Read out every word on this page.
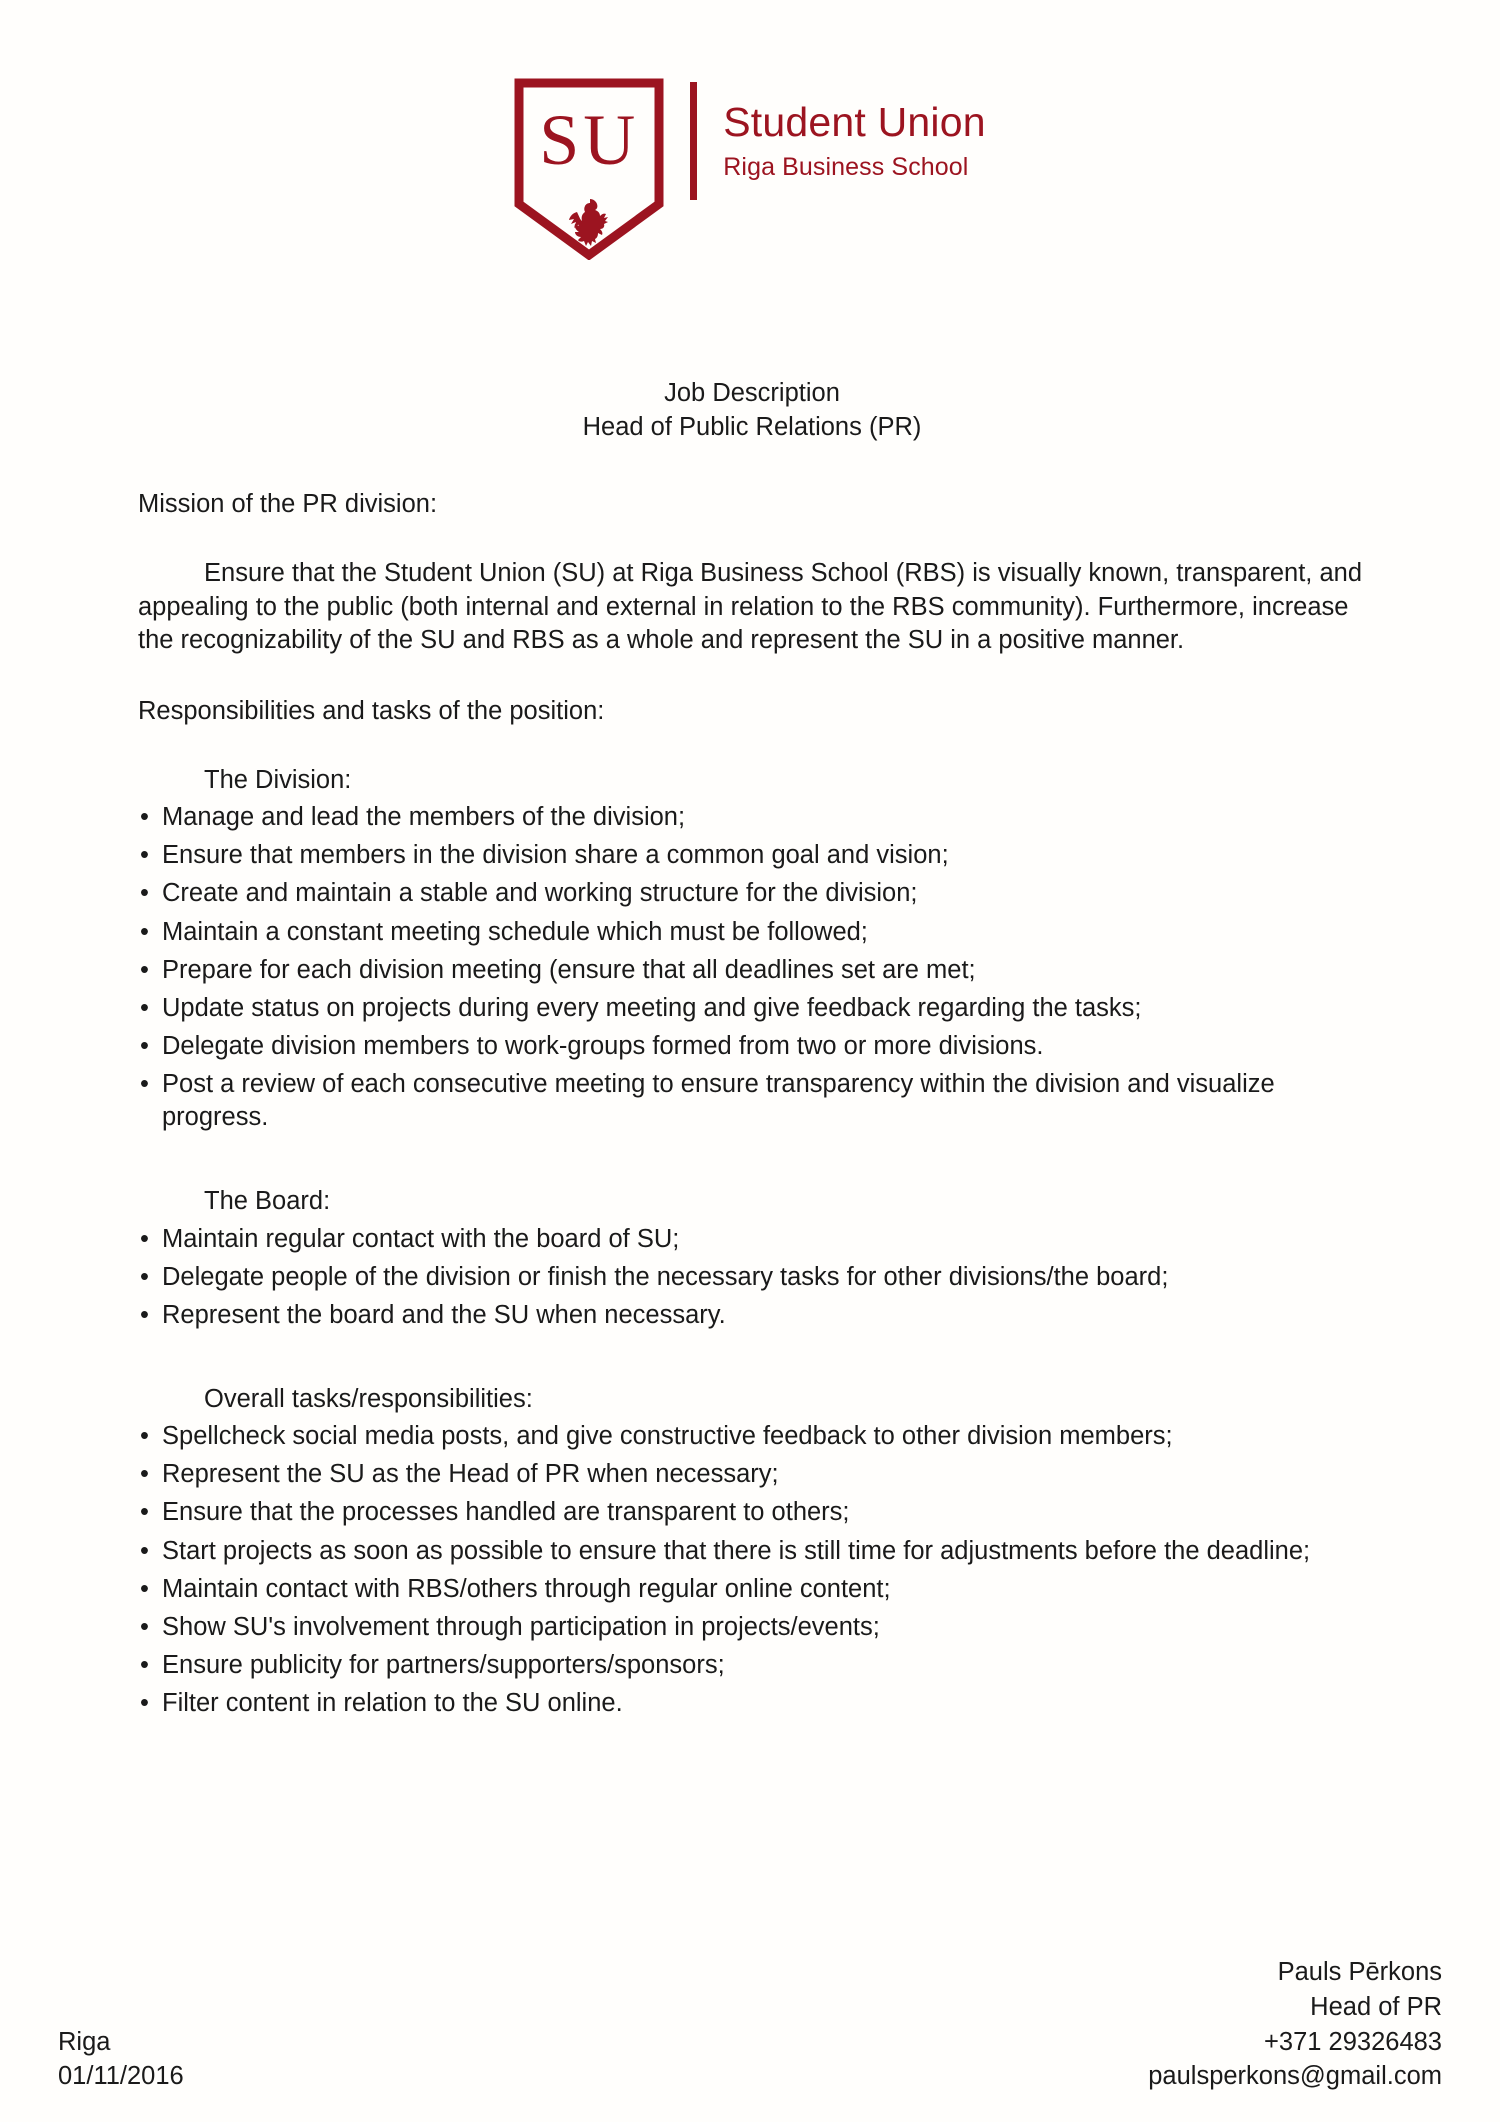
SU	Student Union
Riga Business School
Job Description
Head of Public Relations (PR)

Mission of the PR division:

Ensure that the Student Union (SU) at Riga Business School (RBS) is visually known, transparent, and appealing to the public (both internal and external in relation to the RBS community). Furthermore, increase the recognizability of the SU and RBS as a whole and represent the SU in a positive manner.

Responsibilities and tasks of the position:

The Division:
• Manage and lead the members of the division;
• Ensure that members in the division share a common goal and vision;
• Create and maintain a stable and working structure for the division;
• Maintain a constant meeting schedule which must be followed;
• Prepare for each division meeting (ensure that all deadlines set are met;
• Update status on projects during every meeting and give feedback regarding the tasks;
• Delegate division members to work-groups formed from two or more divisions.
• Post a review of each consecutive meeting to ensure transparency within the division and visualize progress.
The Board:
• Maintain regular contact with the board of SU;
• Delegate people of the division or finish the necessary tasks for other divisions/the board;
• Represent the board and the SU when necessary.
Overall tasks/responsibilities:
• Spellcheck social media posts, and give constructive feedback to other division members;
• Represent the SU as the Head of PR when necessary;
• Ensure that the processes handled are transparent to others;
• Start projects as soon as possible to ensure that there is still time for adjustments before the deadline;
• Maintain contact with RBS/others through regular online content;
• Show SU's involvement through participation in projects/events;
• Ensure publicity for partners/supporters/sponsors;
• Filter content in relation to the SU online.
Riga
01/11/2016
Pauls Pērkons
Head of PR
+371 29326483
paulsperkons@gmail.com
